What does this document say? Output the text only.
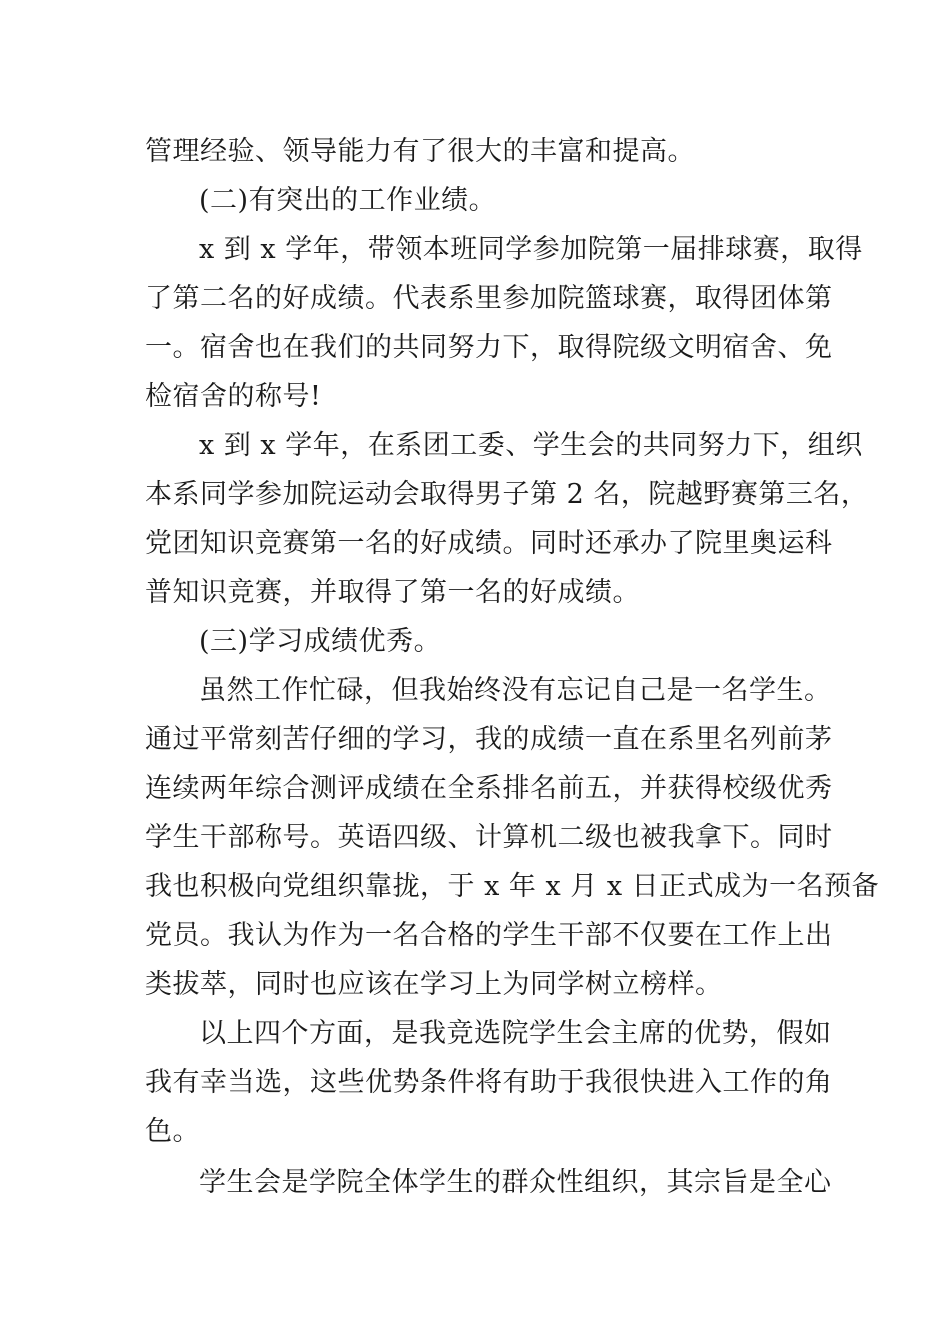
管理经验、领导能力有了很大的丰富和提高。
(二)有突出的工作业绩。
x 到 x 学年，带领本班同学参加院第一届排球赛，取得
了第二名的好成绩。代表系里参加院篮球赛，取得团体第
一。宿舍也在我们的共同努力下，取得院级文明宿舍、免
检宿舍的称号!
x 到 x 学年，在系团工委、学生会的共同努力下，组织
本系同学参加院运动会取得男子第 2 名，院越野赛第三名，
党团知识竞赛第一名的好成绩。同时还承办了院里奥运科
普知识竞赛，并取得了第一名的好成绩。
(三)学习成绩优秀。
虽然工作忙碌，但我始终没有忘记自己是一名学生。
通过平常刻苦仔细的学习，我的成绩一直在系里名列前茅
连续两年综合测评成绩在全系排名前五，并获得校级优秀
学生干部称号。英语四级、计算机二级也被我拿下。同时
我也积极向党组织靠拢，于 x 年 x 月 x 日正式成为一名预备
党员。我认为作为一名合格的学生干部不仅要在工作上出
类拔萃，同时也应该在学习上为同学树立榜样。
以上四个方面，是我竞选院学生会主席的优势，假如
我有幸当选，这些优势条件将有助于我很快进入工作的角
色。
学生会是学院全体学生的群众性组织，其宗旨是全心
